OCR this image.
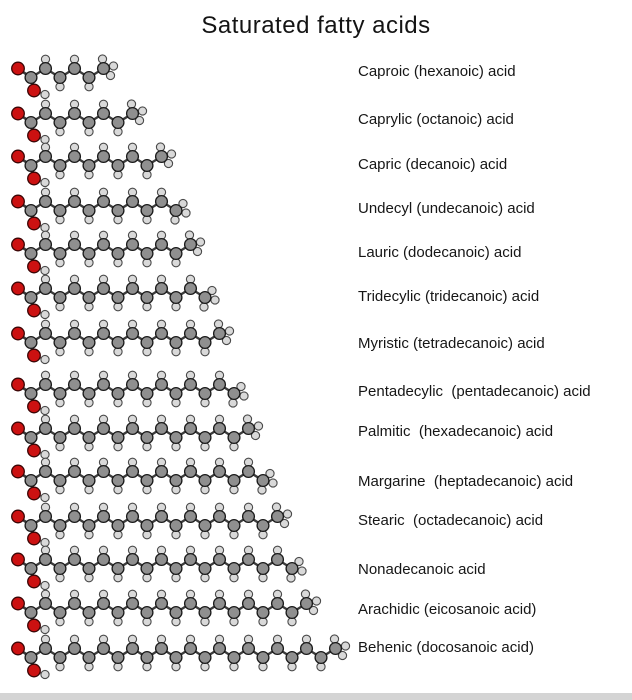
Saturated fatty acids
Caproic (hexanoic) acid
Caprylic (octanoic) acid
Capric (decanoic) acid
Undecyl (undecanoic) acid
Lauric (dodecanoic) acid
Tridecylic (tridecanoic) acid
Myristic (tetradecanoic) acid
Pentadecylic  (pentadecanoic) acid
Palmitic  (hexadecanoic) acid
Margarine  (heptadecanoic) acid
Stearic  (octadecanoic) acid
Nonadecanoic acid
Arachidic (eicosanoic acid)
Behenic (docosanoic acid)
